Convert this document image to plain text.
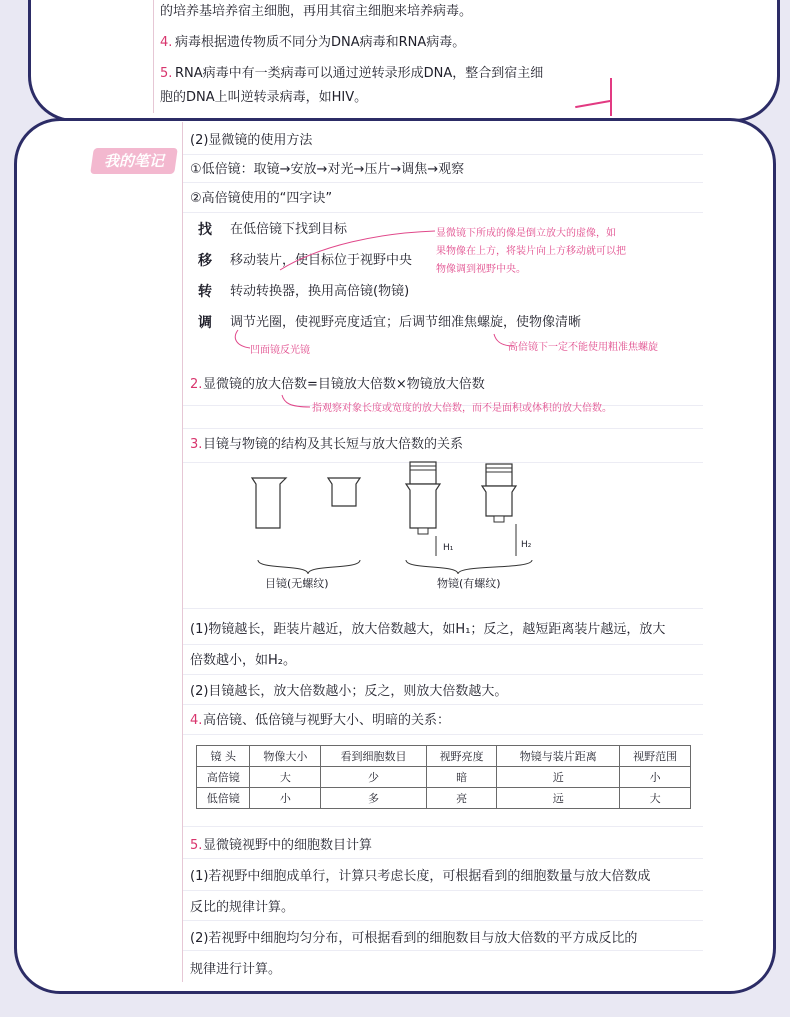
的培养基培养宿主细胞，再用其宿主细胞来培养病毒。
4. 病毒根据遗传物质不同分为DNA病毒和RNA病毒。
5. RNA病毒中有一类病毒可以通过逆转录形成DNA，整合到宿主细
胞的DNA上叫逆转录病毒，如HIV。
我的笔记
(2)显微镜的使用方法
①低倍镜：取镜→安放→对光→压片→调焦→观察
②高倍镜使用的“四字诀”
找 在低倍镜下找到目标
移 移动装片，使目标位于视野中央
转 转动转换器，换用高倍镜(物镜)
调 调节光圈，使视野亮度适宜；后调节细准焦螺旋，使物像清晰
显微镜下所成的像是倒立放大的虚像，如
果物像在上方，将装片向上方移动就可以把
物像调到视野中央。
凹面镜反光镜	高倍镜下一定不能使用粗准焦螺旋
2. 显微镜的放大倍数=目镜放大倍数×物镜放大倍数
指观察对象长度或宽度的放大倍数，而不是面积或体积的放大倍数。
3. 目镜与物镜的结构及其长短与放大倍数的关系
H₁	H₂
目镜(无螺纹)	物镜(有螺纹)
(1)物镜越长，距装片越近，放大倍数越大，如H₁；反之，越短距离装片越远，放大
倍数越小，如H₂。
(2)目镜越长，放大倍数越小；反之，则放大倍数越大。
4. 高倍镜、低倍镜与视野大小、明暗的关系：
镜 头	物像大小	看到细胞数目	视野亮度	物镜与装片距离	视野范围
高倍镜	大	少	暗	近	小
低倍镜	小	多	亮	远	大
5. 显微镜视野中的细胞数目计算
(1)若视野中细胞成单行，计算只考虑长度，可根据看到的细胞数量与放大倍数成
反比的规律计算。
(2)若视野中细胞均匀分布，可根据看到的细胞数目与放大倍数的平方成反比的
规律进行计算。
